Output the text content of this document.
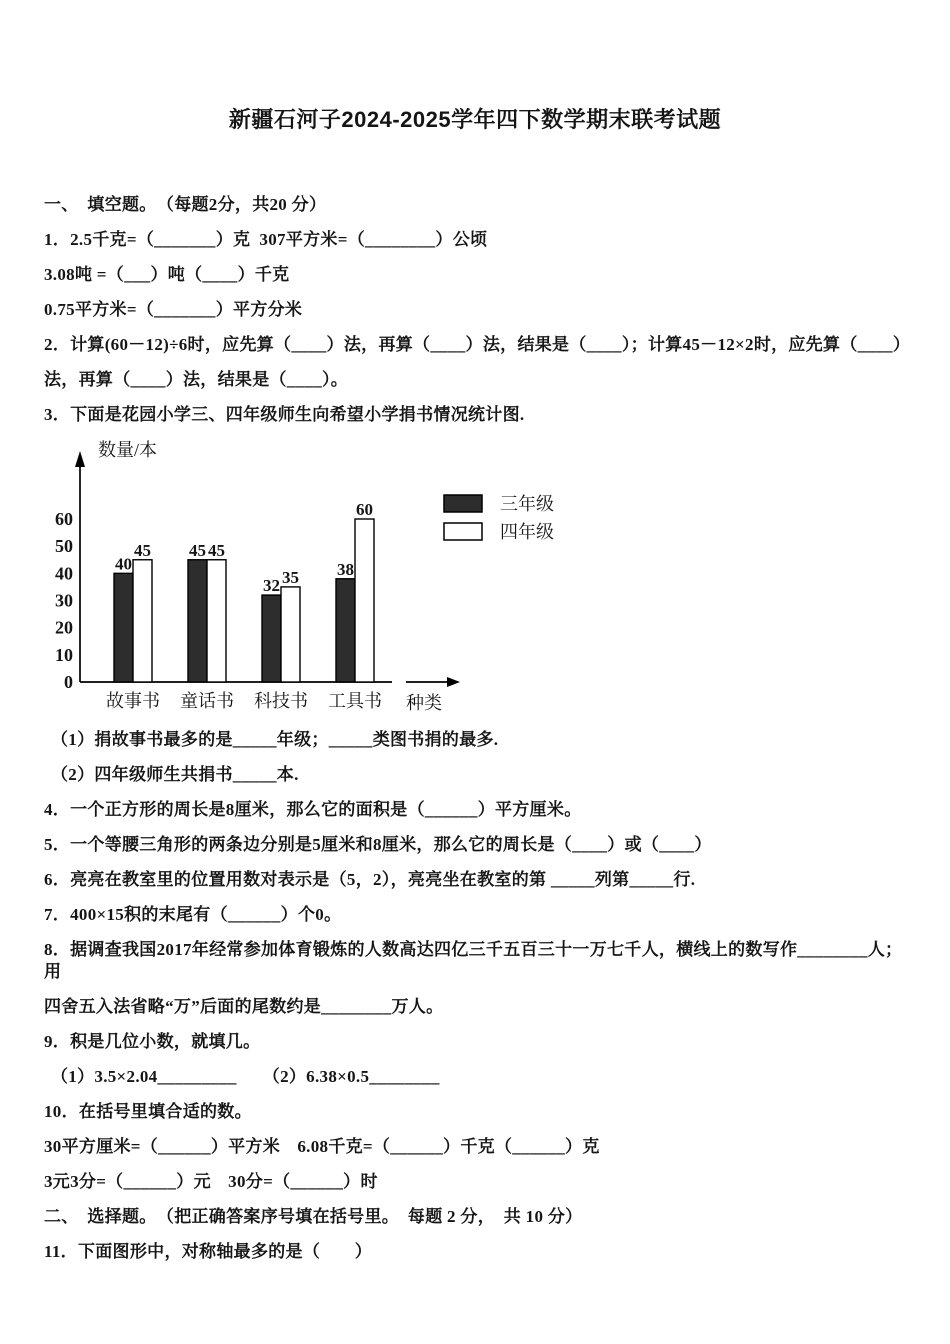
新疆石河子2024-2025学年四下数学期末联考试题

一、　填空题。　（每题2分，共20 分）

1．2.5千克=（_______）克  307平方米=（________）公顷

3.08吨 =（___）吨（____）千克

0.75平方米=（_______）平方分米

2．计算(60－12)÷6时，应先算（____）法，再算（____）法，结果是（____）；计算45－12×2时，应先算（____）

法，再算（____）法，结果是（____）。

3．下面是花园小学三、四年级师生向希望小学捐书情况统计图.

数量/本
种类
0
10
20
30
40
50
60
40
45
故事书
45 45
童话书
32 35
科技书
38
60
工具书
三年级
四年级

（1）捐故事书最多的是_____年级；_____类图书捐的最多.

（2）四年级师生共捐书_____本.

4．一个正方形的周长是8厘米，那么它的面积是（______）平方厘米。

5．一个等腰三角形的两条边分别是5厘米和8厘米，那么它的周长是（____）或（____）

6．亮亮在教室里的位置用数对表示是（5，2），亮亮坐在教室的第 _____列第_____行.

7．400×15积的末尾有（______）个0。

8．据调查我国2017年经常参加体育锻炼的人数高达四亿三千五百三十一万七千人，横线上的数写作________人；用

四舍五入法省略“万”后面的尾数约是________万人。

9．积是几位小数，就填几。

（1）3.5×2.04_________　　（2）6.38×0.5________

10．在括号里填合适的数。

30平方厘米=（______）平方米　6.08千克=（______）千克（______）克

3元3分=（______）元　30分=（______）时

二、　选择题。　（把正确答案序号填在括号里。　每题 2 分，　共 10 分）

11．下面图形中，对称轴最多的是（　　）
